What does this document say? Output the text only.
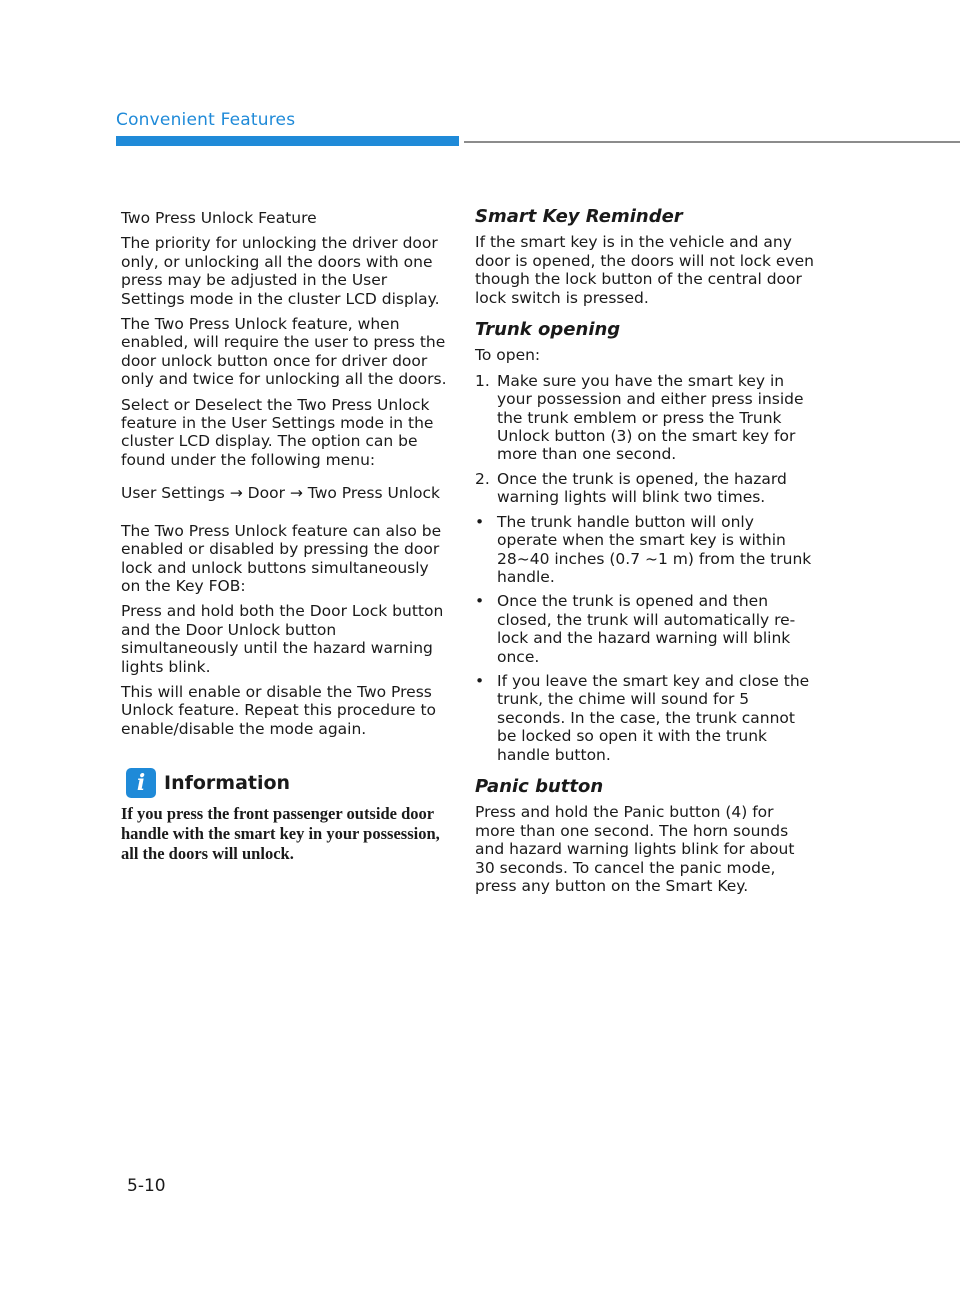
Convenient Features

Two Press Unlock Feature

The priority for unlocking the driver door only, or unlocking all the doors with one press may be adjusted in the User Settings mode in the cluster LCD display.

The Two Press Unlock feature, when enabled, will require the user to press the door unlock button once for driver door only and twice for unlocking all the doors.

Select or Deselect the Two Press Unlock feature in the User Settings mode in the cluster LCD display. The option can be found under the following menu:

User Settings → Door → Two Press Unlock

The Two Press Unlock feature can also be enabled or disabled by pressing the door lock and unlock buttons simultaneously on the Key FOB:

Press and hold both the Door Lock button and the Door Unlock button simultaneously until the hazard warning lights blink.

This will enable or disable the Two Press Unlock feature. Repeat this procedure to enable/disable the mode again.

i Information

If you press the front passenger outside door handle with the smart key in your possession, all the doors will unlock.

Smart Key Reminder

If the smart key is in the vehicle and any door is opened, the doors will not lock even though the lock button of the central door lock switch is pressed.

Trunk opening

To open:

1. Make sure you have the smart key in your possession and either press inside the trunk emblem or press the Trunk Unlock button (3) on the smart key for more than one second.
2. Once the trunk is opened, the hazard warning lights will blink two times.
• The trunk handle button will only operate when the smart key is within 28~40 inches (0.7 ~1 m) from the trunk handle.
• Once the trunk is opened and then closed, the trunk will automatically re-lock and the hazard warning will blink once.
• If you leave the smart key and close the trunk, the chime will sound for 5 seconds. In the case, the trunk cannot be locked so open it with the trunk handle button.
Panic button

Press and hold the Panic button (4) for more than one second. The horn sounds and hazard warning lights blink for about 30 seconds. To cancel the panic mode, press any button on the Smart Key.

5-10
